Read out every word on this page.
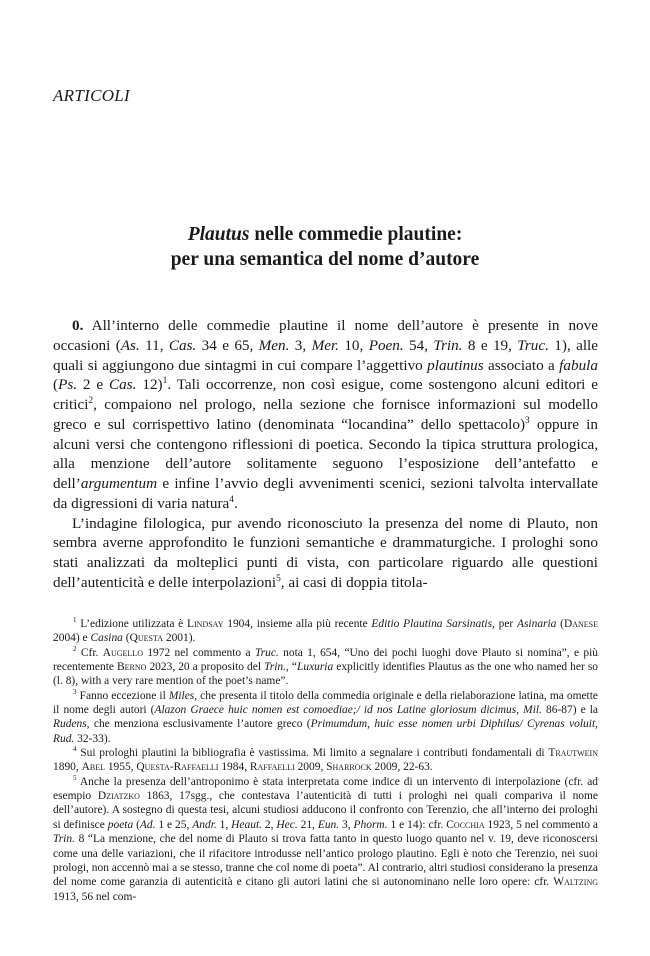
ARTICOLI
Plautus nelle commedie plautine:
per una semantica del nome d’autore

0. All’interno delle commedie plautine il nome dell’autore è presente in nove occasioni (As. 11, Cas. 34 e 65, Men. 3, Mer. 10, Poen. 54, Trin. 8 e 19, Truc. 1), alle quali si aggiungono due sintagmi in cui compare l’aggettivo plautinus associato a fabula (Ps. 2 e Cas. 12)$^1$. Tali occorrenze, non così esigue, come sostengono alcuni editori e critici$^2$, compaiono nel prologo, nella sezione che fornisce informazioni sul modello greco e sul corrispettivo latino (denominata “locandina” dello spettacolo)$^3$ oppure in alcuni versi che contengono riflessioni di poetica. Secondo la tipica struttura prologica, alla menzione dell’autore solitamente seguono l’esposizione dell’antefatto e dell’argumentum e infine l’avvio degli avvenimenti scenici, sezioni talvolta intervallate da digressioni di varia natura$^4$.

L’indagine filologica, pur avendo riconosciuto la presenza del nome di Plauto, non sembra averne approfondito le funzioni semantiche e drammaturgiche. I prologhi sono stati analizzati da molteplici punti di vista, con particolare riguardo alle questioni dell’autenticità e delle interpolazioni$^5$, ai casi di doppia titola-

$^1$ L’edizione utilizzata è Lindsay 1904, insieme alla più recente Editio Plautina Sarsinatis, per Asinaria (Danese 2004) e Casina (Questa 2001).

$^2$ Cfr. Augello 1972 nel commento a Truc. nota 1, 654, “Uno dei pochi luoghi dove Plauto si nomina”, e più recentemente Berno 2023, 20 a proposito del Trin., “Luxuria explicitly identifies Plautus as the one who named her so (l. 8), with a very rare mention of the poet’s name”.

$^3$ Fanno eccezione il Miles, che presenta il titolo della commedia originale e della rielaborazione latina, ma omette il nome degli autori (Alazon Graece huic nomen est comoediae;/ id nos Latine gloriosum dicimus, Mil. 86-87) e la Rudens, che menziona esclusivamente l’autore greco (Primumdum, huic esse nomen urbi Diphilus/ Cyrenas voluit, Rud. 32-33).

$^4$ Sui prologhi plautini la bibliografia è vastissima. Mi limito a segnalare i contributi fondamentali di Trautwein 1890, Abel 1955, Questa-Raffaelli 1984, Raffaelli 2009, Sharrock 2009, 22-63.

$^5$ Anche la presenza dell’antroponimo è stata interpretata come indice di un intervento di interpolazione (cfr. ad esempio Dziatzko 1863, 17sgg., che contestava l’autenticità di tutti i prologhi nei quali compariva il nome dell’autore). A sostegno di questa tesi, alcuni studiosi adducono il confronto con Terenzio, che all’interno dei prologhi si definisce poeta (Ad. 1 e 25, Andr. 1, Heaut. 2, Hec. 21, Eun. 3, Phorm. 1 e 14): cfr. Cocchia 1923, 5 nel commento a Trin. 8 “La menzione, che del nome di Plauto si trova fatta tanto in questo luogo quanto nel v. 19, deve riconoscersi come una delle variazioni, che il rifacitore introdusse nell’antico prologo plautino. Egli è noto che Terenzio, nei suoi prologi, non accennò mai a se stesso, tranne che col nome di poeta”. Al contrario, altri studiosi considerano la presenza del nome come garanzia di autenticità e citano gli autori latini che si autonominano nelle loro opere: cfr. Waltzing 1913, 56 nel com-
